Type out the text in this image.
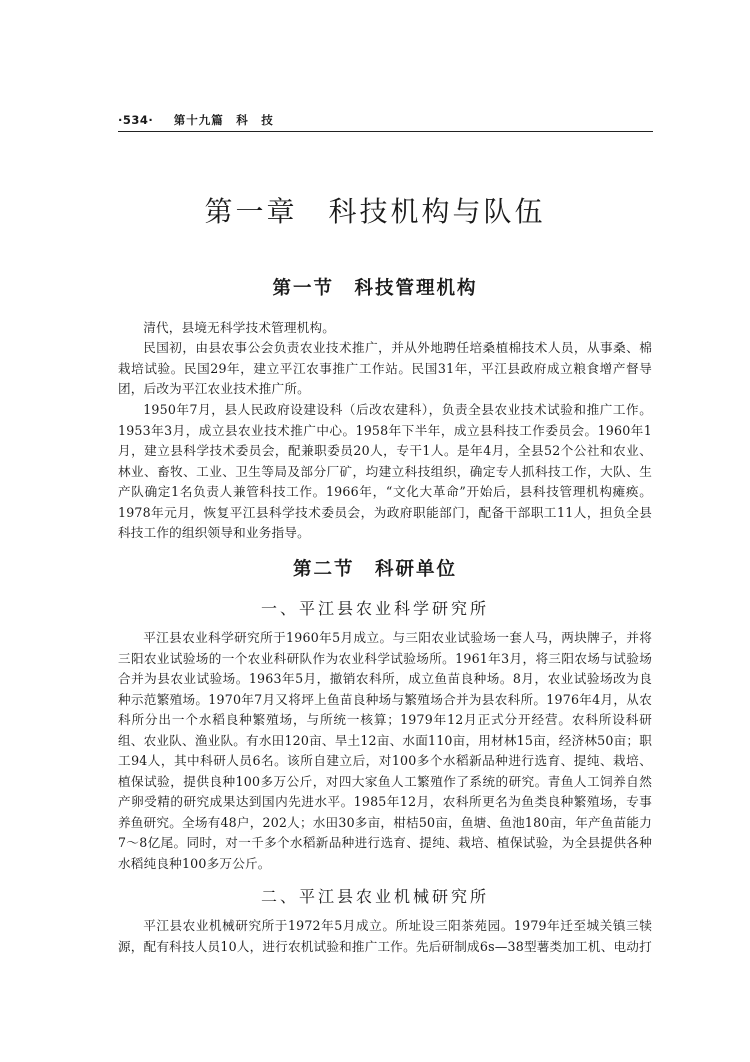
·534· 第十九篇　科　技
第一章　科技机构与队伍
第一节　科技管理机构

清代，县境无科学技术管理机构。

民国初，由县农事公会负责农业技术推广，并从外地聘任培桑植棉技术人员，从事桑、棉栽培试验。民国29年，建立平江农事推广工作站。民国31年，平江县政府成立粮食增产督导团，后改为平江农业技术推广所。

1950年7月，县人民政府设建设科（后改农建科），负责全县农业技术试验和推广工作。1953年3月，成立县农业技术推广中心。1958年下半年，成立县科技工作委员会。1960年1月，建立县科学技术委员会，配兼职委员20人，专干1人。是年4月，全县52个公社和农业、林业、畜牧、工业、卫生等局及部分厂矿，均建立科技组织，确定专人抓科技工作，大队、生产队确定1名负责人兼管科技工作。1966年，“文化大革命”开始后，县科技管理机构瘫痪。1978年元月，恢复平江县科学技术委员会，为政府职能部门，配备干部职工11人，担负全县科技工作的组织领导和业务指导。

第二节　科研单位
一、平江县农业科学研究所

平江县农业科学研究所于1960年5月成立。与三阳农业试验场一套人马，两块牌子，并将三阳农业试验场的一个农业科研队作为农业科学试验场所。1961年3月，将三阳农场与试验场合并为县农业试验场。1963年5月，撤销农科所，成立鱼苗良种场。8月，农业试验场改为良种示范繁殖场。1970年7月又将坪上鱼苗良种场与繁殖场合并为县农科所。1976年4月，从农科所分出一个水稻良种繁殖场，与所统一核算；1979年12月正式分开经营。农科所设科研组、农业队、渔业队。有水田120亩、旱土12亩、水面110亩，用材林15亩，经济林50亩；职工94人，其中科研人员6名。该所自建立后，对100多个水稻新品种进行选育、提纯、栽培、植保试验，提供良种100多万公斤，对四大家鱼人工繁殖作了系统的研究。青鱼人工饲养自然产卵受精的研究成果达到国内先进水平。1985年12月，农科所更名为鱼类良种繁殖场，专事养鱼研究。全场有48户，202人；水田30多亩，柑桔50亩，鱼塘、鱼池180亩，年产鱼苗能力7～8亿尾。同时，对一千多个水稻新品种进行选育、提纯、栽培、植保试验，为全县提供各种水稻纯良种100多万公斤。

二、平江县农业机械研究所

平江县农业机械研究所于1972年5月成立。所址设三阳茶苑园。1979年迁至城关镇三犊源，配有科技人员10人，进行农机试验和推广工作。先后研制成6s—38型薯类加工机、电动打
